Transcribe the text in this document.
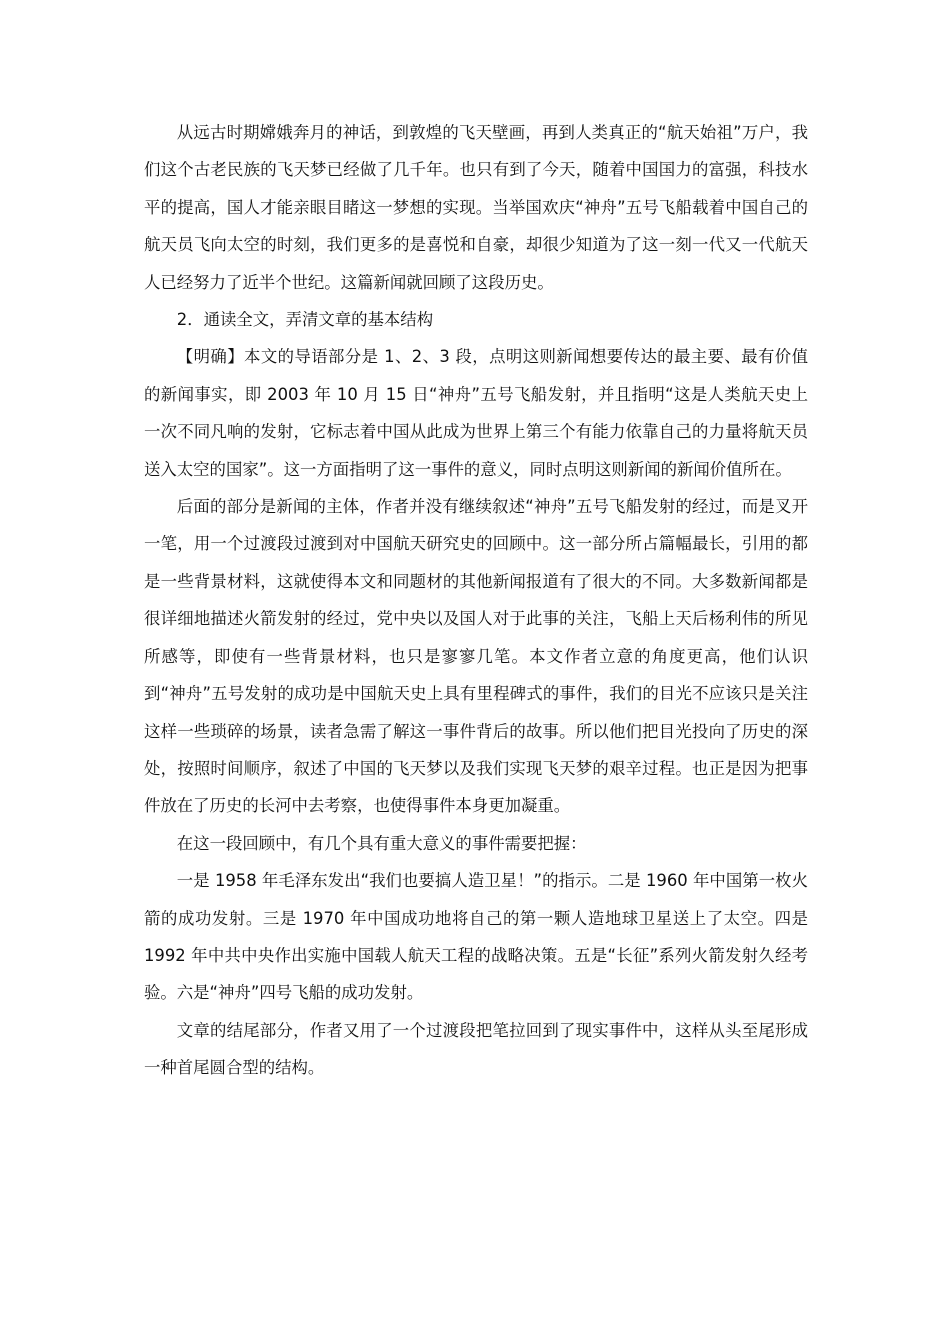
从远古时期嫦娥奔月的神话，到敦煌的飞天壁画，再到人类真正的“航天始祖”万户，我们这个古老民族的飞天梦已经做了几千年。也只有到了今天，随着中国国力的富强，科技水平的提高，国人才能亲眼目睹这一梦想的实现。当举国欢庆“神舟”五号飞船载着中国自己的航天员飞向太空的时刻，我们更多的是喜悦和自豪，却很少知道为了这一刻一代又一代航天人已经努力了近半个世纪。这篇新闻就回顾了这段历史。

2．通读全文，弄清文章的基本结构

【明确】本文的导语部分是 1、2、3 段，点明这则新闻想要传达的最主要、最有价值的新闻事实，即 2003 年 10 月 15 日“神舟”五号飞船发射，并且指明“这是人类航天史上一次不同凡响的发射，它标志着中国从此成为世界上第三个有能力依靠自己的力量将航天员送入太空的国家”。这一方面指明了这一事件的意义，同时点明这则新闻的新闻价值所在。

后面的部分是新闻的主体，作者并没有继续叙述“神舟”五号飞船发射的经过，而是叉开一笔，用一个过渡段过渡到对中国航天研究史的回顾中。这一部分所占篇幅最长，引用的都是一些背景材料，这就使得本文和同题材的其他新闻报道有了很大的不同。大多数新闻都是很详细地描述火箭发射的经过，党中央以及国人对于此事的关注，飞船上天后杨利伟的所见所感等，即使有一些背景材料，也只是寥寥几笔。本文作者立意的角度更高，他们认识到“神舟”五号发射的成功是中国航天史上具有里程碑式的事件，我们的目光不应该只是关注这样一些琐碎的场景，读者急需了解这一事件背后的故事。所以他们把目光投向了历史的深处，按照时间顺序，叙述了中国的飞天梦以及我们实现飞天梦的艰辛过程。也正是因为把事件放在了历史的长河中去考察，也使得事件本身更加凝重。

在这一段回顾中，有几个具有重大意义的事件需要把握：

一是 1958 年毛泽东发出“我们也要搞人造卫星！”的指示。二是 1960 年中国第一枚火箭的成功发射。三是 1970 年中国成功地将自己的第一颗人造地球卫星送上了太空。四是 1992 年中共中央作出实施中国载人航天工程的战略决策。五是“长征”系列火箭发射久经考验。六是“神舟”四号飞船的成功发射。

文章的结尾部分，作者又用了一个过渡段把笔拉回到了现实事件中，这样从头至尾形成一种首尾圆合型的结构。
